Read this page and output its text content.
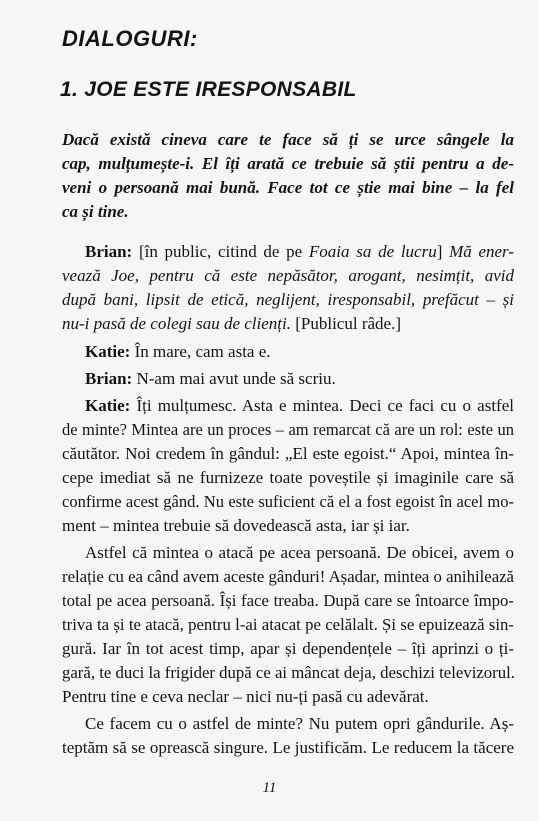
DIALOGURI:
1. JOE ESTE IRESPONSABIL
Dacă există cineva care te face să ți se urce sângele la
cap, mulțumește-i. El îți arată ce trebuie să știi pentru a de-
veni o persoană mai bună. Face tot ce știe mai bine – la fel
ca și tine.
Brian: [în public, citind de pe Foaia sa de lucru] Mă ener-
vează Joe, pentru că este nepăsător, arogant, nesimțit, avid
după bani, lipsit de etică, neglijent, iresponsabil, prefăcut – și
nu-i pasă de colegi sau de clienți. [Publicul râde.]
Katie: În mare, cam asta e.
Brian: N-am mai avut unde să scriu.
Katie: Îți mulțumesc. Asta e mintea. Deci ce faci cu o astfel
de minte? Mintea are un proces – am remarcat că are un rol: este un
căutător. Noi credem în gândul: „El este egoist.“ Apoi, mintea în-
cepe imediat să ne furnizeze toate poveștile și imaginile care să
confirme acest gând. Nu este suficient că el a fost egoist în acel mo-
ment – mintea trebuie să dovedească asta, iar și iar.
Astfel că mintea o atacă pe acea persoană. De obicei, avem o
relație cu ea când avem aceste gânduri! Așadar, mintea o anihilează
total pe acea persoană. Își face treaba. După care se întoarce împo-
triva ta și te atacă, pentru l-ai atacat pe celălalt. Și se epuizează sin-
gură. Iar în tot acest timp, apar și dependențele – îți aprinzi o ți-
gară, te duci la frigider după ce ai mâncat deja, deschizi televizorul.
Pentru tine e ceva neclar – nici nu-ți pasă cu adevărat.
Ce facem cu o astfel de minte? Nu putem opri gândurile. Aș-
teptăm să se oprească singure. Le justificăm. Le reducem la tăcere
11
